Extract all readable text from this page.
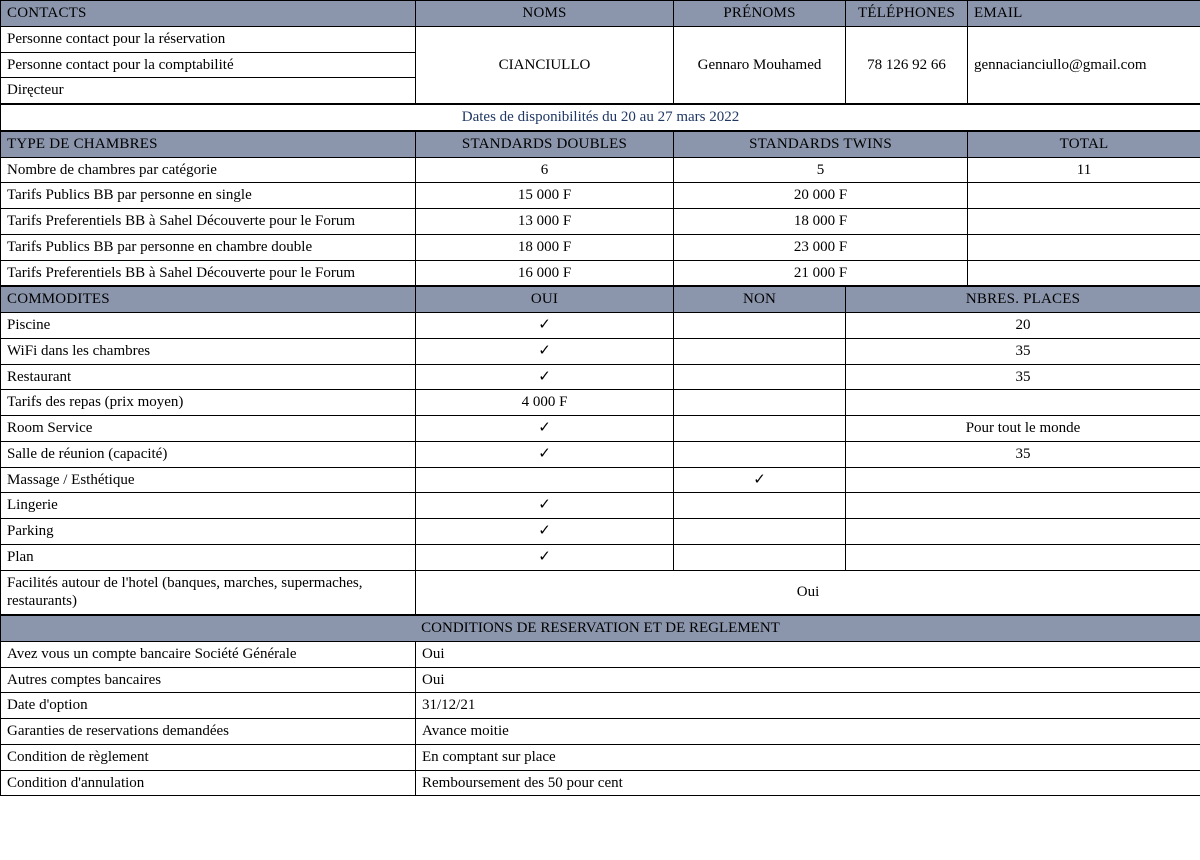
CONTACTS	NOMS	PRÉNOMS	TÉLÉPHONES	EMAIL
Personne contact pour la réservation	CIANCIULLO	Gennaro Mouhamed	78 126 92 66	gennacianciullo@gmail.com
Personne contact pour la comptabilité				
Diręcteur				
Dates de disponibilités du 20 au 27 mars 2022
TYPE DE CHAMBRES	STANDARDS DOUBLES	STANDARDS TWINS	TOTAL
Nombre de chambres par catégorie	6	5	11
Tarifs Publics BB par personne en single	15 000 F	20 000 F	
Tarifs Preferentiels BB à Sahel Découverte pour le Forum	13 000 F	18 000 F	
Tarifs Publics BB par personne en chambre double	18 000 F	23 000 F	
Tarifs Preferentiels BB à Sahel Découverte pour le Forum	16 000 F	21 000 F	
COMMODITES	OUI	NON	NBRES. PLACES
Piscine	✓		20
WiFi dans les chambres	✓		35
Restaurant	✓		35
Tarifs des repas (prix moyen)	4 000 F		
Room Service	✓		Pour tout le monde
Salle de réunion (capacité)	✓		35
Massage / Esthétique		✓	
Lingerie	✓		
Parking	✓		
Plan	✓		
Facilités autour de l'hotel (banques, marches, supermaches, restaurants)	Oui		
CONDITIONS DE RESERVATION ET DE REGLEMENT	
Avez vous un compte bancaire Société Générale	Oui
Autres comptes bancaires	Oui
Date d'option	31/12/21
Garanties de reservations demandées	Avance moitie
Condition de règlement	En comptant sur place
Condition d'annulation	Remboursement des 50 pour cent
